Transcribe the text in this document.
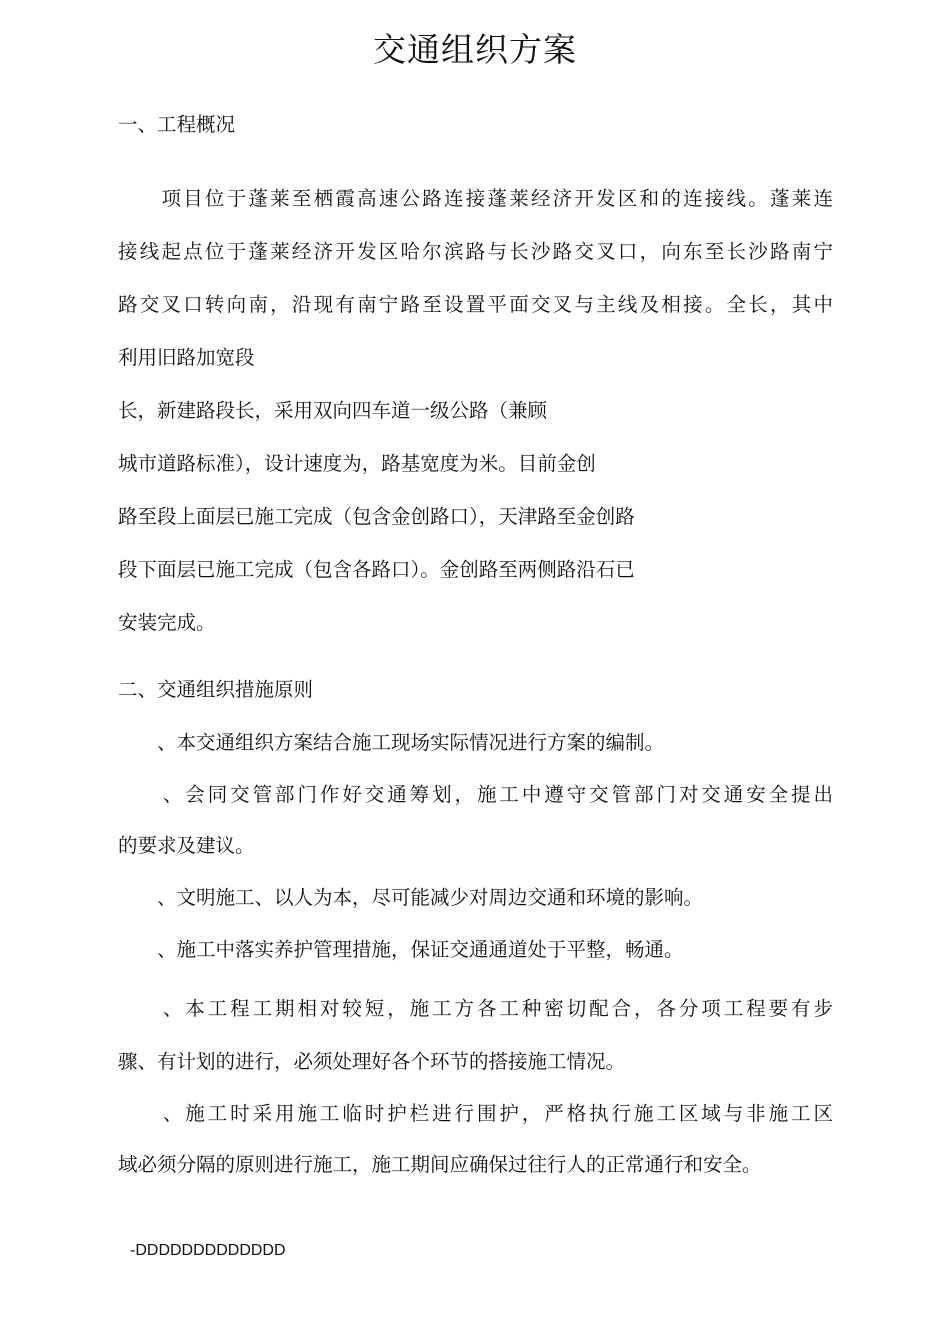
交通组织方案
一、工程概况
　　项目位于蓬莱至栖霞高速公路连接蓬莱经济开发区和的连接线。蓬莱连
接线起点位于蓬莱经济开发区哈尔滨路与长沙路交叉口，向东至长沙路南宁
路交叉口转向南，沿现有南宁路至设置平面交叉与主线及相接。全长，其中
利用旧路加宽段
长，新建路段长，采用双向四车道一级公路（兼顾
城市道路标准），设计速度为，路基宽度为米。目前金创
路至段上面层已施工完成（包含金创路口），天津路至金创路
段下面层已施工完成（包含各路口）。金创路至两侧路沿石已
安装完成。
二、交通组织措施原则
　　、本交通组织方案结合施工现场实际情况进行方案的编制。
　　、会同交管部门作好交通筹划，施工中遵守交管部门对交通安全提出
的要求及建议。
　　、文明施工、以人为本，尽可能减少对周边交通和环境的影响。
　　、施工中落实养护管理措施，保证交通通道处于平整，畅通。
　　、本工程工期相对较短，施工方各工种密切配合，各分项工程要有步
骤、有计划的进行，必须处理好各个环节的搭接施工情况。
　　、施工时采用施工临时护栏进行围护，严格执行施工区域与非施工区
域必须分隔的原则进行施工，施工期间应确保过往行人的正常通行和安全。
-DDDDDDDDDDDDD
